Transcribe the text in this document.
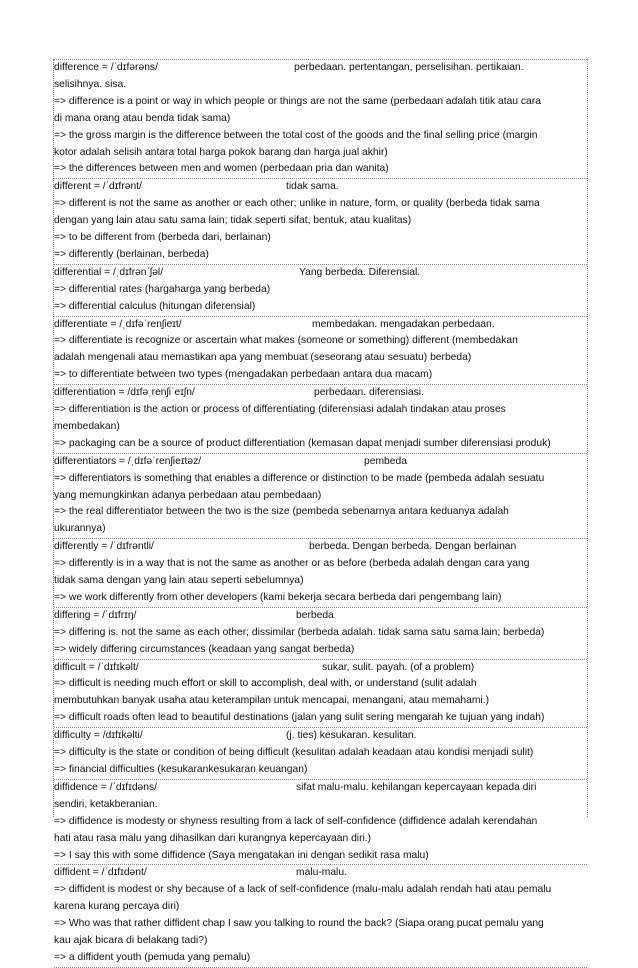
difference = /ˈdɪfərəns/	perbedaan. pertentangan, perselisihan. pertikaian.
selisihnya. sisa.
=> difference is a point or way in which people or things are not the same (perbedaan adalah titik atau cara
di mana orang atau benda tidak sama)
=> the gross margin is the difference between the total cost of the goods and the final selling price (margin
kotor adalah selisih antara total harga pokok barang dan harga jual akhir)
=> the differences between men and women (perbedaan pria dan wanita)
different = /ˈdɪfrənt/	tidak sama.
=> different is not the same as another or each other; unlike in nature, form, or quality (berbeda tidak sama
dengan yang lain atau satu sama lain; tidak seperti sifat, bentuk, atau kualitas)
=> to be different from (berbeda dari, berlainan)
=> differently (berlainan, berbeda)
differential = /ˌdɪfrənˈʃəl/	Yang berbeda. Diferensial.
=> differential rates (hargaharga yang berbeda)
=> differential calculus (hitungan diferensial)
differentiate = /ˌdɪfəˈrenʃieɪt/	membedakan. mengadakan perbedaan.
=> differentiate is recognize or ascertain what makes (someone or something) different (membedakan
adalah mengenali atau memastikan apa yang membuat (seseorang atau sesuatu) berbeda)
=> to differentiate between two types (mengadakan perbedaan antara dua macam)
differentiation = /dɪfəˌrenʃiˈeɪʃn/	perbedaan. diferensiasi.
=> differentiation is the action or process of differentiating (diferensiasi adalah tindakan atau proses
membedakan)
=> packaging can be a source of product differentiation (kemasan dapat menjadi sumber diferensiasi produk)
differentiators = /ˌdɪfəˈrenʃieɪtəz/	pembeda
=> differentiators is something that enables a difference or distinction to be made (pembeda adalah sesuatu
yang memungkinkan adanya perbedaan atau pembedaan)
=> the real differentiator between the two is the size (pembeda sebenarnya antara keduanya adalah
ukurannya)
differently = /ˈdɪfrəntli/	berbeda. Dengan berbeda. Dengan berlainan
=> differently is in a way that is not the same as another or as before (berbeda adalah dengan cara yang
tidak sama dengan yang lain atau seperti sebelumnya)
=> we work differently from other developers (kami bekerja secara berbeda dari pengembang lain)
differing = /ˈdɪfrɪŋ/	berbeda
=> differing is. not the same as each other; dissimilar (berbeda adalah. tidak sama satu sama lain; berbeda)
=> widely differing circumstances (keadaan yang sangat berbeda)
difficult = /ˈdɪfɪkəlt/	sukar, sulit. payah. (of a problem)
=> difficult is needing much effort or skill to accomplish, deal with, or understand (sulit adalah
membutuhkan banyak usaha atau keterampilan untuk mencapai, menangani, atau memahami.)
=> difficult roads often lead to beautiful destinations (jalan yang sulit sering mengarah ke tujuan yang indah)
difficulty = /dɪfɪkəlti/	(j. ties) kesukaran. kesulitan.
=> difficulty is the state or condition of being difficult (kesulitan adalah keadaan atau kondisi menjadi sulit)
=> financial difficulties (kesukarankesukaran keuangan)
diffidence = /ˈdɪfɪdəns/	sifat malu-malu. kehilangan kepercayaan kepada diri
sendiri, ketakberanian.
=> diffidence is modesty or shyness resulting from a lack of self-confidence (diffidence adalah kerendahan
hati atau rasa malu yang dihasilkan dari kurangnya kepercayaan diri.)
=> I say this with some diffidence (Saya mengatakan ini dengan sedikit rasa malu)
diffident = /ˈdɪfɪdənt/	malu-malu.
=> diffident is modest or shy because of a lack of self-confidence (malu-malu adalah rendah hati atau pemalu
karena kurang percaya diri)
=> Who was that rather diffident chap I saw you talking to round the back? (Siapa orang pucat pemalu yang
kau ajak bicara di belakang tadi?)
=> a diffident youth (pemuda yang pemalu)
